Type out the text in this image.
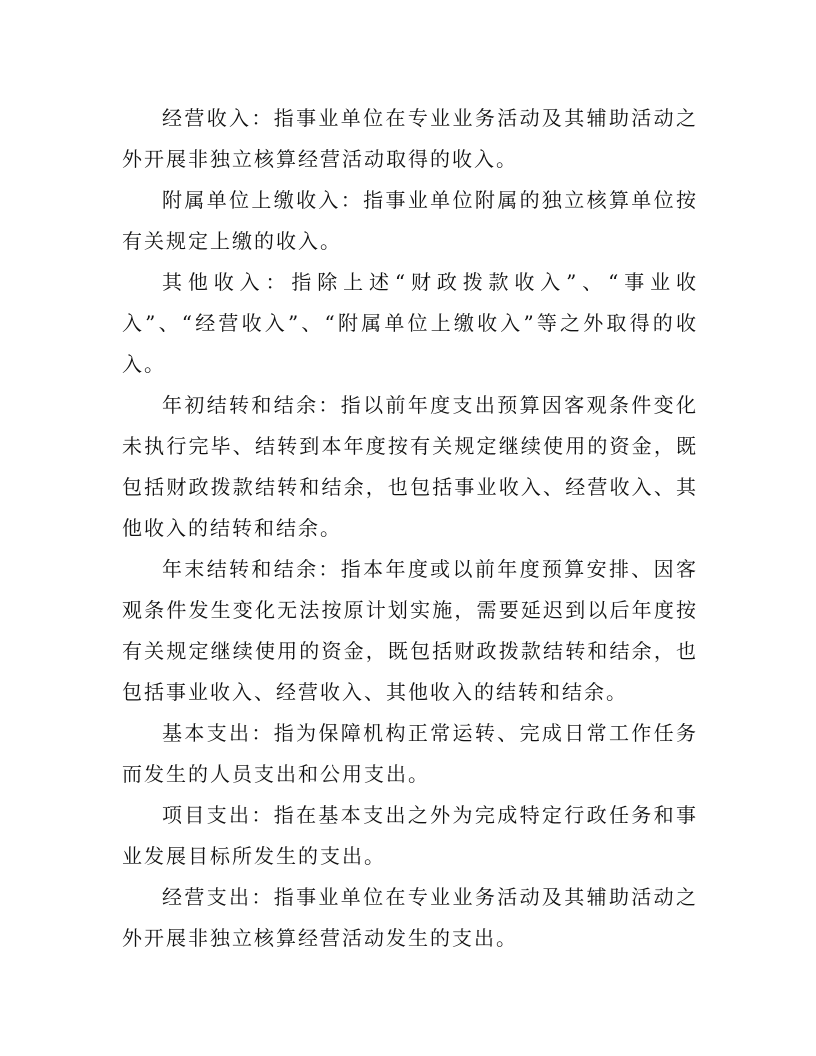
经营收入：指事业单位在专业业务活动及其辅助活动之外开展非独立核算经营活动取得的收入。

附属单位上缴收入：指事业单位附属的独立核算单位按有关规定上缴的收入。

其他收入：指除上述“财政拨款收入”、“事业收入”、“经营收入”、“附属单位上缴收入”等之外取得的收入。

年初结转和结余：指以前年度支出预算因客观条件变化未执行完毕、结转到本年度按有关规定继续使用的资金，既包括财政拨款结转和结余，也包括事业收入、经营收入、其他收入的结转和结余。

年末结转和结余：指本年度或以前年度预算安排、因客观条件发生变化无法按原计划实施，需要延迟到以后年度按有关规定继续使用的资金，既包括财政拨款结转和结余，也包括事业收入、经营收入、其他收入的结转和结余。

基本支出：指为保障机构正常运转、完成日常工作任务而发生的人员支出和公用支出。

项目支出：指在基本支出之外为完成特定行政任务和事业发展目标所发生的支出。

经营支出：指事业单位在专业业务活动及其辅助活动之外开展非独立核算经营活动发生的支出。
